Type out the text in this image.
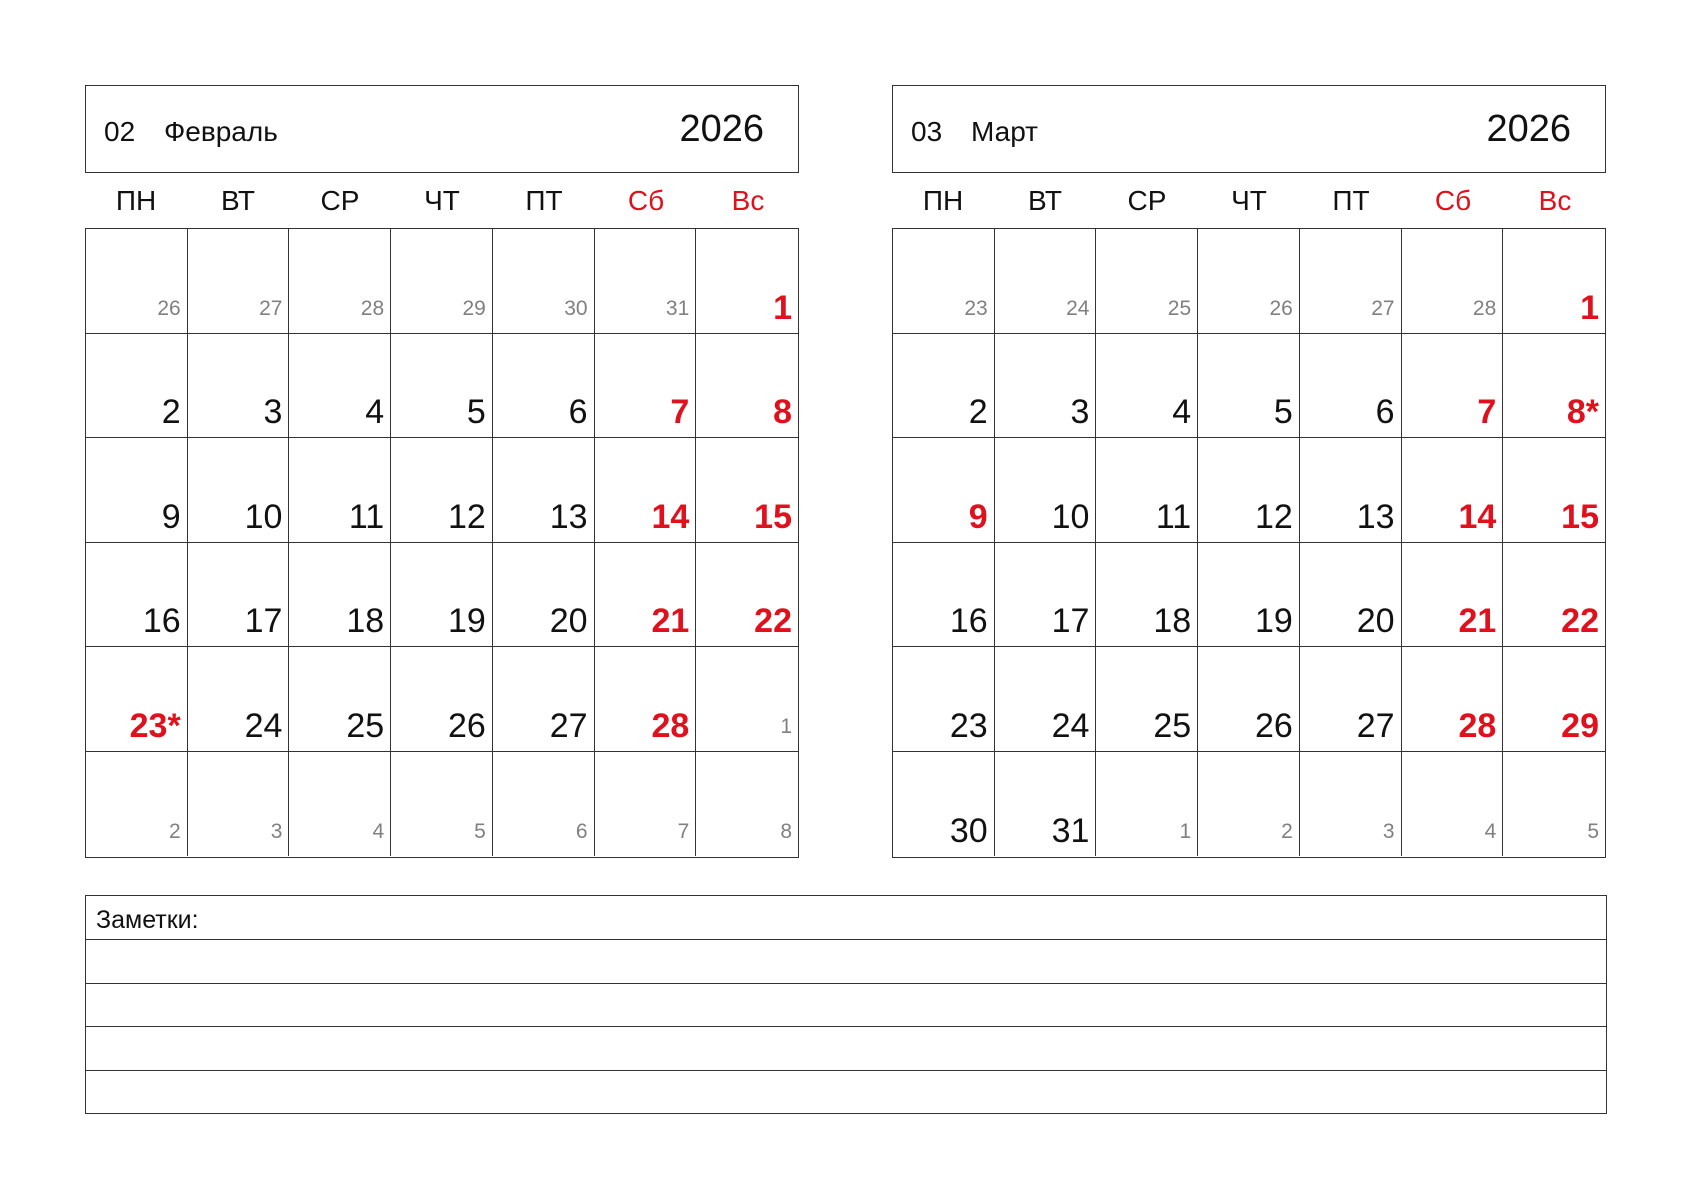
02 Февраль	2026
ПН	ВТ	СР	ЧТ	ПТ	Сб	Вс
26	27	28	29	30	31 1
2 3 4 5 6 7 8
9 10 11 12 13 14 15
16 17 18 19 20 21 22
23* 24 25 26 27 28	1
2	3	4	5	6	7	8
03 Март	2026
ПН	ВТ	СР	ЧТ	ПТ	Сб	Вс
23	24	25	26	27	28 1
2 3 4 5 6 7 8*
9 10 11 12 13 14 15
16 17 18 19 20 21 22
23 24 25 26 27 28 29
30 31	1	2	3	4	5
Заметки:
